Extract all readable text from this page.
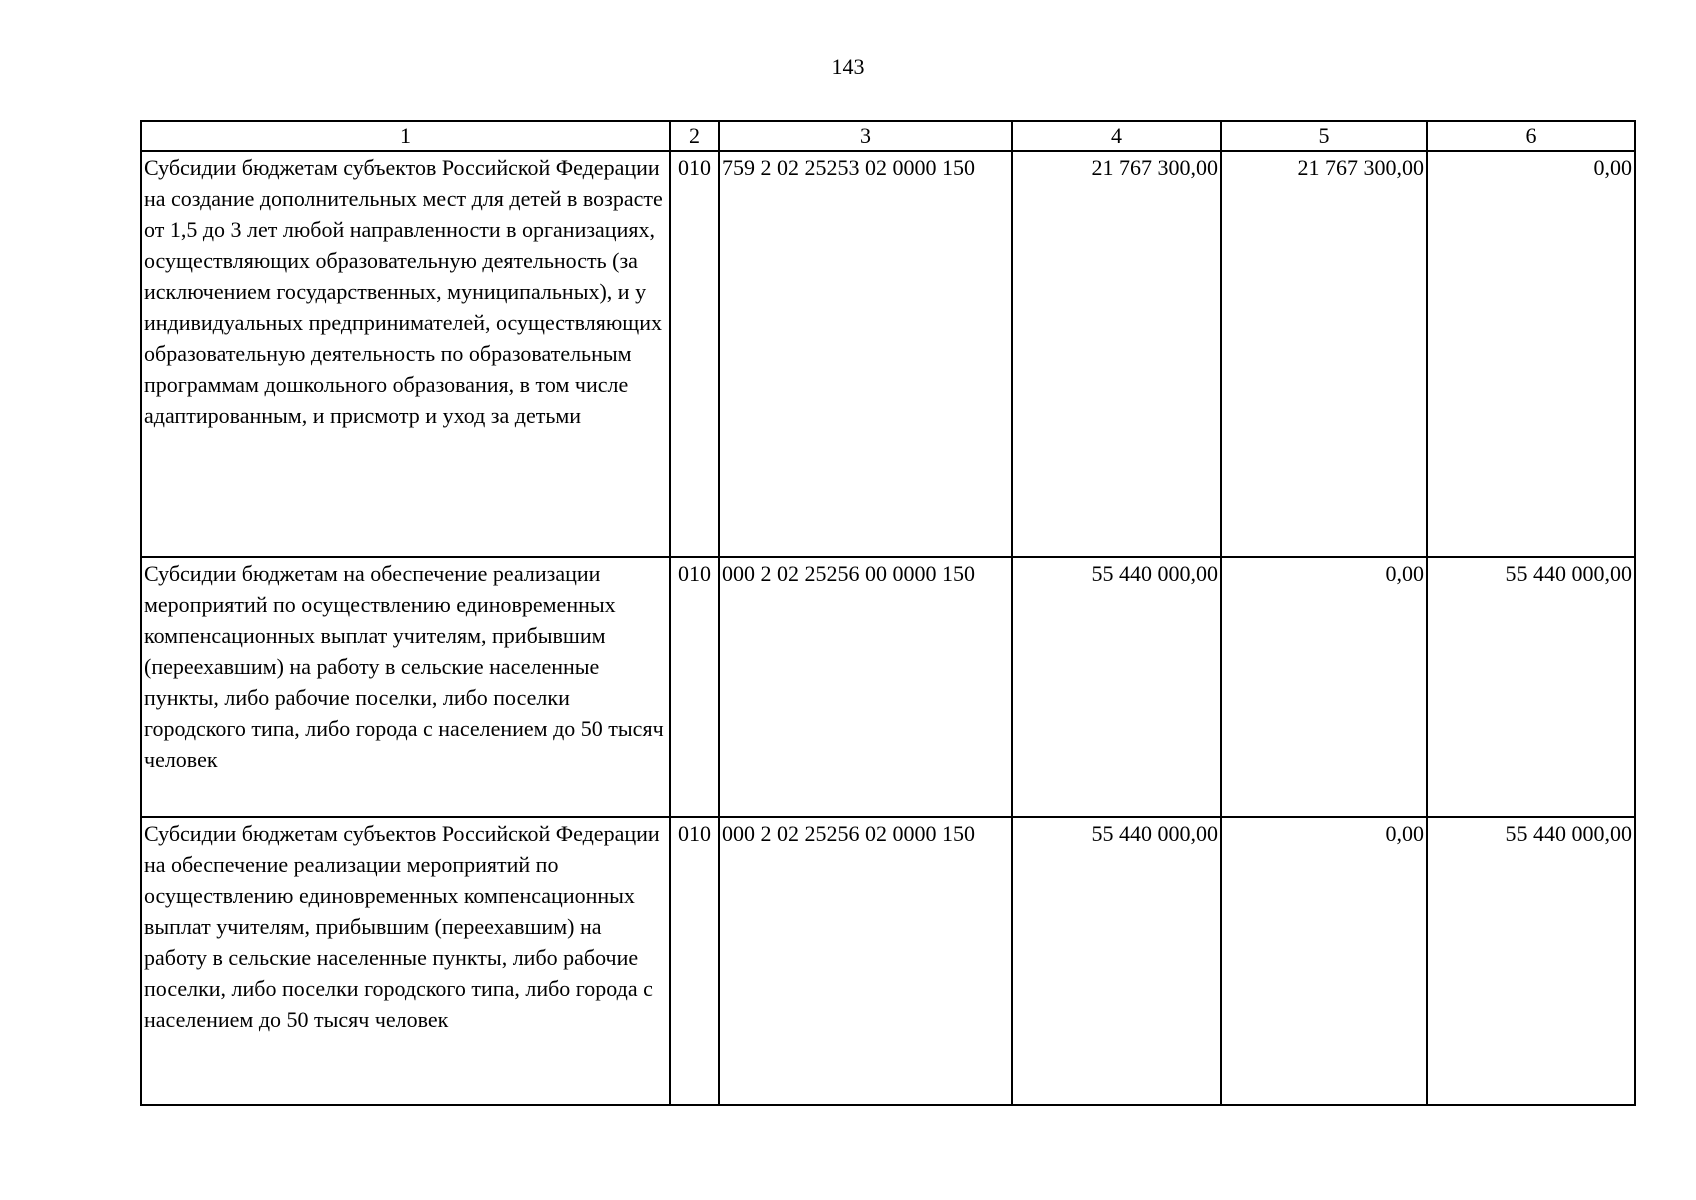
143
1	2	3	4	5	6
Субсидии бюджетам субъектов Российской Федерации на создание дополнительных мест для детей в возрасте от 1,5 до 3 лет любой направленности в организациях, осуществляющих образовательную деятельность (за исключением государственных, муниципальных), и у индивидуальных предпринимателей, осуществляющих образовательную деятельность по образовательным программам дошкольного образования, в том числе адаптированным, и присмотр и уход за детьми	010	759 2 02 25253 02 0000 150	21 767 300,00	21 767 300,00	0,00
Субсидии бюджетам на обеспечение реализации мероприятий по осуществлению единовременных компенсационных выплат учителям, прибывшим (переехавшим) на работу в сельские населенные пункты, либо рабочие поселки, либо поселки городского типа, либо города с населением до 50 тысяч человек	010	000 2 02 25256 00 0000 150	55 440 000,00	0,00	55 440 000,00
Субсидии бюджетам субъектов Российской Федерации на обеспечение реализации мероприятий по осуществлению единовременных компенсационных выплат учителям, прибывшим (переехавшим) на работу в сельские населенные пункты, либо рабочие поселки, либо поселки городского типа, либо города с населением до 50 тысяч человек	010	000 2 02 25256 02 0000 150	55 440 000,00	0,00	55 440 000,00
